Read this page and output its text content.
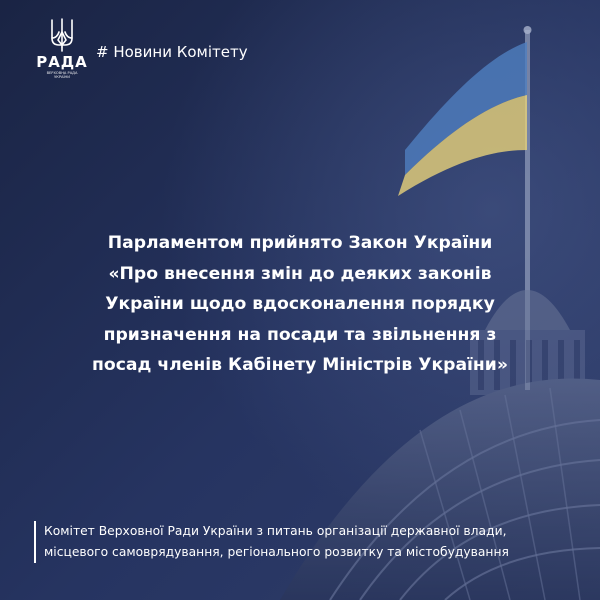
РАДА
ВЕРХОВНА РАДА
УКРАЇНИ
# Новини Комітету
Парламентом прийнято Закон України
«Про внесення змін до деяких законів
України щодо вдосконалення порядку
призначення на посади та звільнення з
посад членів Кабінету Міністрів України»
Комітет Верховної Ради України з питань організації державної влади,
місцевого самоврядування, регіонального розвитку та містобудування
